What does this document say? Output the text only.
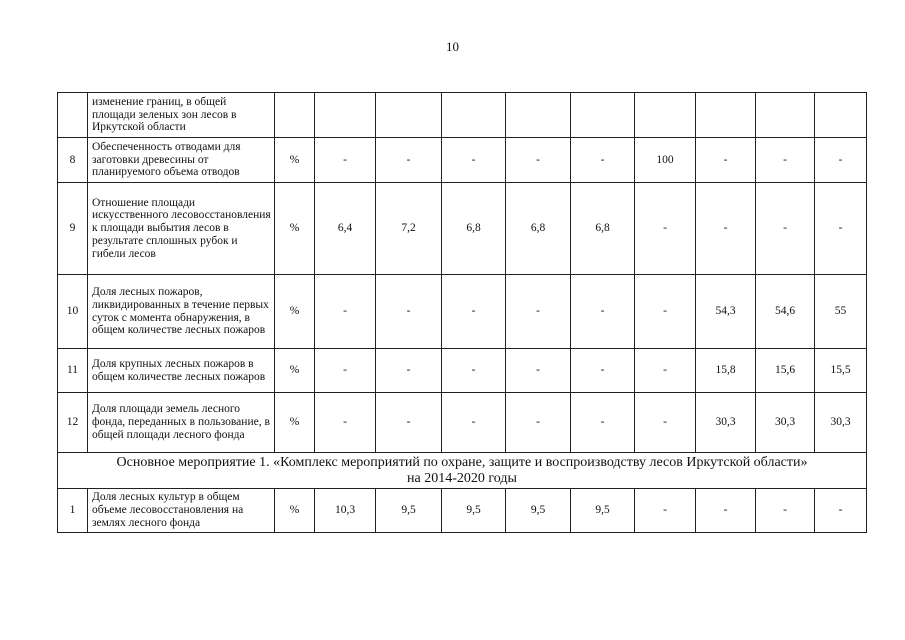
10
	изменение границ, в общей площади зеленых зон лесов в Иркутской области										
8	Обеспеченность отводами для заготовки древесины от планируемого объема отводов	%	-	-	-	-	-	100	-	-	-
9	Отношение площади искусственного лесовосстановления к площади выбытия лесов в результате сплошных рубок и гибели лесов	%	6,4	7,2	6,8	6,8	6,8	-	-	-	-
10	Доля лесных пожаров, ликвидированных в течение первых суток с момента обнаружения, в общем количестве лесных пожаров	%	-	-	-	-	-	-	54,3	54,6	55
11	Доля крупных лесных пожаров в общем количестве лесных пожаров	%	-	-	-	-	-	-	15,8	15,6	15,5
12	Доля площади земель лесного фонда, переданных в пользование, в общей площади лесного фонда	%	-	-	-	-	-	-	30,3	30,3	30,3

Основное мероприятие 1. «Комплекс мероприятий по охране, защите и воспроизводству лесов Иркутской области»
на 2014-2020 годы											

1	Доля лесных культур в общем объеме лесовосстановления на землях лесного фонда	%	10,3	9,5	9,5	9,5	9,5	-	-	-	-
